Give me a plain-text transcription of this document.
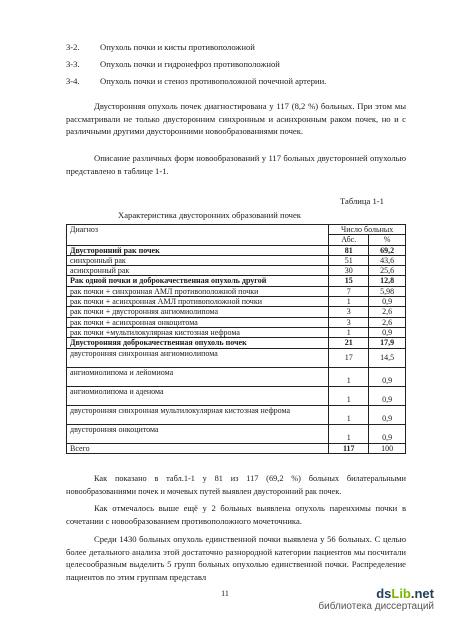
3-2. Опухоль почки и кисты противоположной
3-3. Опухоль почки и гидронефроз противоположной
3-4. Опухоль почки и стеноз противоположной почечной артерии.
Двусторонняя опухоль почек диагностирована у 117 (8,2 %) больных. При этом мы рассматривали не только двусторонним синхронным и асинхронным раком почек, но и с различными другими двусторонними новообразованиями почек.
Описание различных форм новообразований у 117 больных двусторонней опухолью представлено в таблице 1-1.
Таблица 1-1
Характеристика двусторонних образований почек
Диагноз	Число больных	
	Абс.	%
Двусторонний рак почек	81	69,2
синхронный рак	51	43,6
асинхронный рак	30	25,6
Рак одной почки и доброкачественная опухоль другой	15	12,8
рак почки + синхронная АМЛ противоположной почки	7	5,98
рак почки + асинхронная АМЛ противоположной почки	1	0,9
рак почки + двусторонняя ангиомиолипома	3	2,6
рак почки + асинхронная онкоцитома	3	2,6
рак почки +мультилокулярная кистозная нефрома	1	0,9
Двусторонняя доброкачественная опухоль почек	21	17,9
двусторонняя синхронная ангиомиолипома	17	14,5
ангиомиолипома и лейомиома	1	0,9
ангиомиолипома и аденома	1	0,9
двусторонняя синхронная мультилокулярная кистозная нефрома	1	0,9
двусторонняя онкоцитома	1	0,9
Всего	117	100
Как показано в табл.1-1 у 81 из 117 (69,2 %) больных билатеральными новообразованиями почек и мочевых путей выявлен двусторонний рак почек.
Как отмечалось выше ещё у 2 больных выявлена опухоль паренхимы почки в сочетании с новообразованием противоположного мочеточника.
Среди 1430 больных опухоль единственной почки выявлена у 56 больных. С целью более детального анализа этой достаточно разнородной категории пациентов мы посчитали целесообразным выделить 5 групп больных опухолью единственной почки. Распределение пациентов по этим группам представл
11	dsLib.net
библиотека диссертаций
